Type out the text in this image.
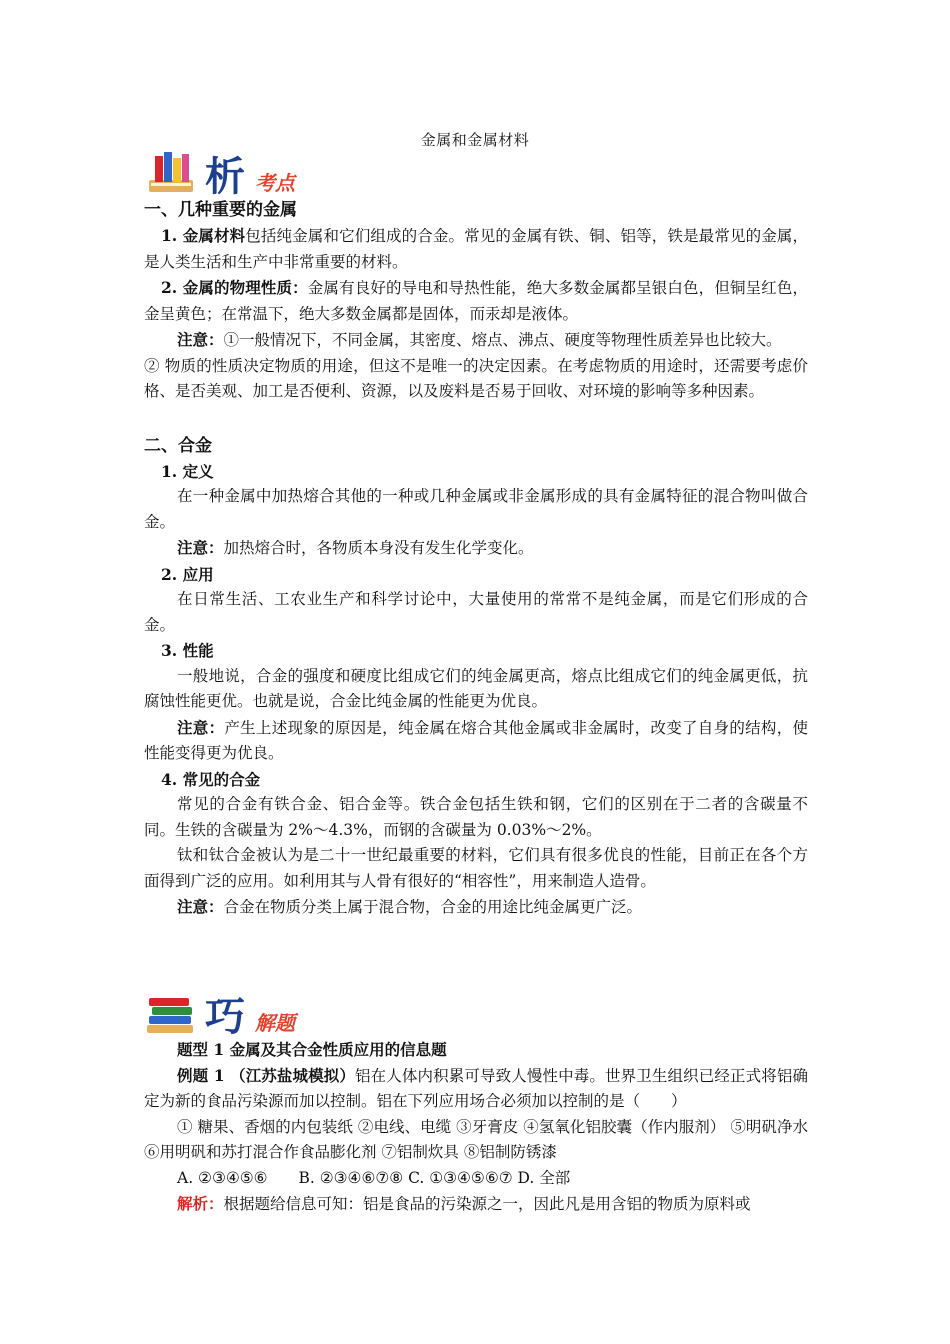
金属和金属材料
析 考点

一、几种重要的金属

1. 金属材料包括纯金属和它们组成的合金。常见的金属有铁、铜、铝等，铁是最常见的金属，是人类生活和生产中非常重要的材料。

2. 金属的物理性质：金属有良好的导电和导热性能，绝大多数金属都呈银白色，但铜呈红色，金呈黄色；在常温下，绝大多数金属都是固体，而汞却是液体。

注意：①一般情况下，不同金属，其密度、熔点、沸点、硬度等物理性质差异也比较大。

② 物质的性质决定物质的用途，但这不是唯一的决定因素。在考虑物质的用途时，还需要考虑价格、是否美观、加工是否便利、资源，以及废料是否易于回收、对环境的影响等多种因素。

二、合金

1. 定义

在一种金属中加热熔合其他的一种或几种金属或非金属形成的具有金属特征的混合物叫做合金。

注意：加热熔合时，各物质本身没有发生化学变化。

2. 应用

在日常生活、工农业生产和科学讨论中，大量使用的常常不是纯金属，而是它们形成的合金。

3. 性能

一般地说，合金的强度和硬度比组成它们的纯金属更高，熔点比组成它们的纯金属更低，抗腐蚀性能更优。也就是说，合金比纯金属的性能更为优良。

注意：产生上述现象的原因是，纯金属在熔合其他金属或非金属时，改变了自身的结构，使性能变得更为优良。

4. 常见的合金

常见的合金有铁合金、铝合金等。铁合金包括生铁和钢，它们的区别在于二者的含碳量不同。生铁的含碳量为 2%～4.3%，而钢的含碳量为 0.03%～2%。

钛和钛合金被认为是二十一世纪最重要的材料，它们具有很多优良的性能，目前正在各个方面得到广泛的应用。如利用其与人骨有很好的“相容性”，用来制造人造骨。

注意：合金在物质分类上属于混合物，合金的用途比纯金属更广泛。

巧 解题

题型 1 金属及其合金性质应用的信息题

例题 1 （江苏盐城模拟）铝在人体内积累可导致人慢性中毒。世界卫生组织已经正式将铝确定为新的食品污染源而加以控制。铝在下列应用场合必须加以控制的是（　　）

① 糖果、香烟的内包装纸 ②电线、电缆 ③牙膏皮 ④氢氧化铝胶囊（作内服剂） ⑤明矾净水⑥用明矾和苏打混合作食品膨化剂 ⑦铝制炊具 ⑧铝制防锈漆

A. ②③④⑤⑥　　B. ②③④⑥⑦⑧ C. ①③④⑤⑥⑦ D. 全部

解析：根据题给信息可知：铝是食品的污染源之一，因此凡是用含铝的物质为原料或
